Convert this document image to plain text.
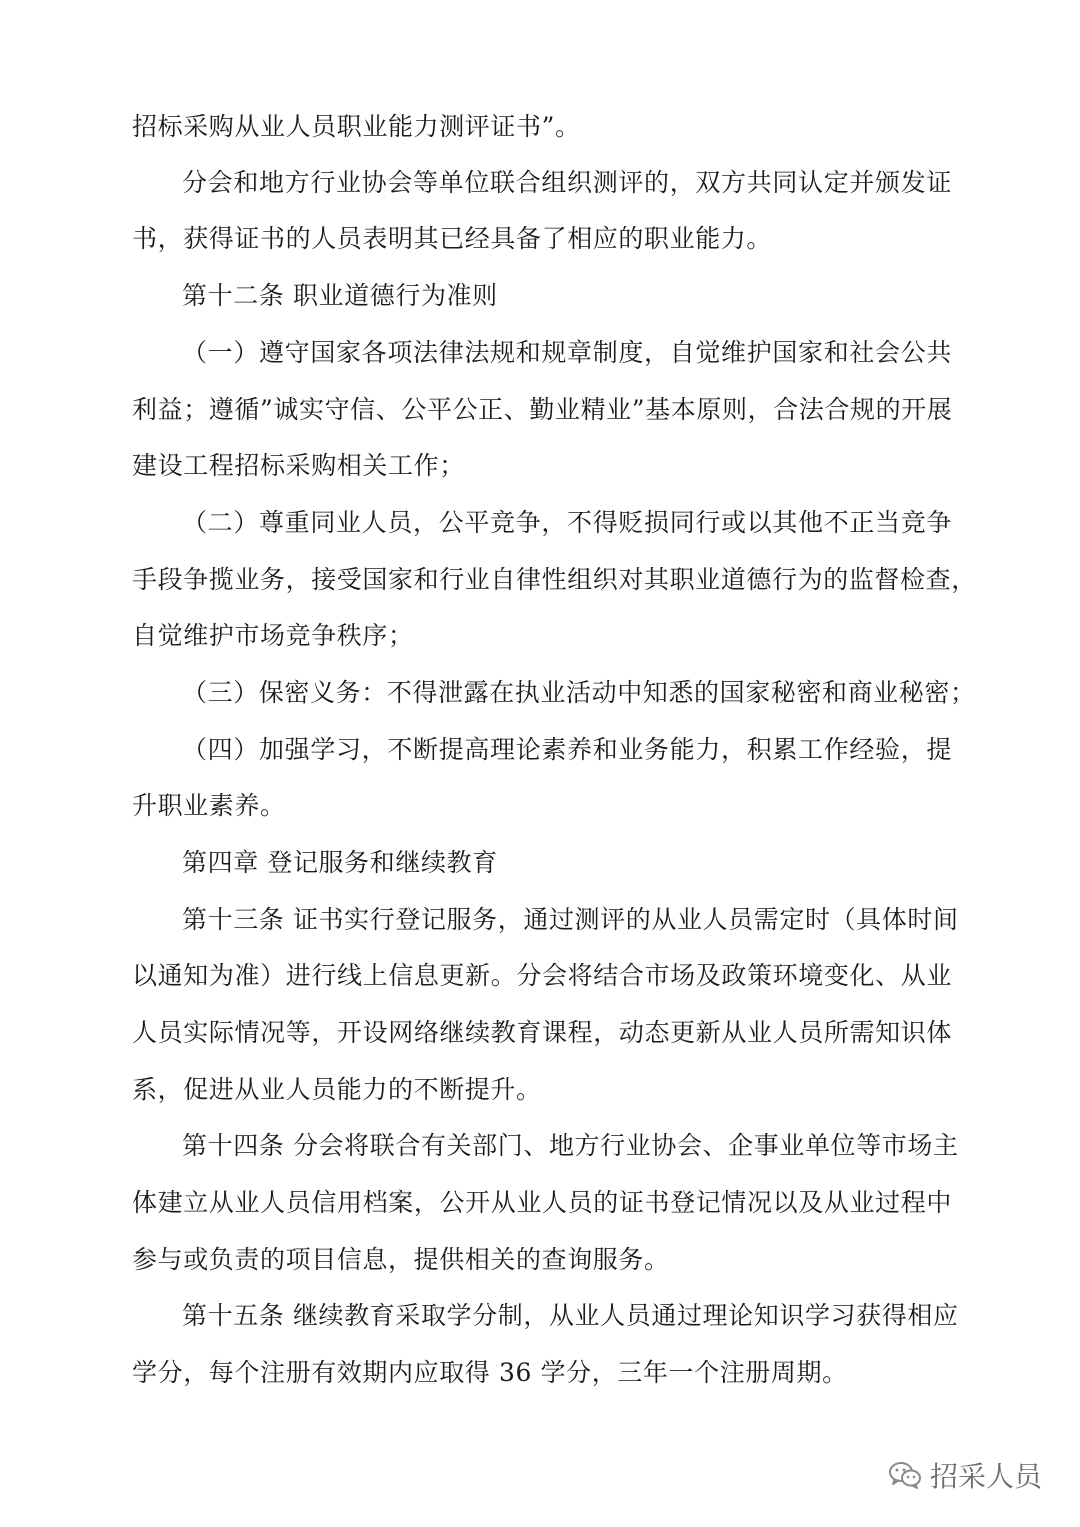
招标采购从业人员职业能力测评证书”。
分会和地方行业协会等单位联合组织测评的，双方共同认定并颁发证
书，获得证书的人员表明其已经具备了相应的职业能力。
第十二条 职业道德行为准则
（一）遵守国家各项法律法规和规章制度，自觉维护国家和社会公共
利益；遵循”诚实守信、公平公正、勤业精业”基本原则，合法合规的开展
建设工程招标采购相关工作；
（二）尊重同业人员，公平竞争，不得贬损同行或以其他不正当竞争
手段争揽业务，接受国家和行业自律性组织对其职业道德行为的监督检查，
自觉维护市场竞争秩序；
（三）保密义务：不得泄露在执业活动中知悉的国家秘密和商业秘密；
（四）加强学习，不断提高理论素养和业务能力，积累工作经验，提
升职业素养。
第四章 登记服务和继续教育
第十三条 证书实行登记服务，通过测评的从业人员需定时（具体时间
以通知为准）进行线上信息更新。分会将结合市场及政策环境变化、从业
人员实际情况等，开设网络继续教育课程，动态更新从业人员所需知识体
系，促进从业人员能力的不断提升。
第十四条 分会将联合有关部门、地方行业协会、企事业单位等市场主
体建立从业人员信用档案，公开从业人员的证书登记情况以及从业过程中
参与或负责的项目信息，提供相关的查询服务。
第十五条 继续教育采取学分制，从业人员通过理论知识学习获得相应
学分，每个注册有效期内应取得 36 学分，三年一个注册周期。
招采人员
